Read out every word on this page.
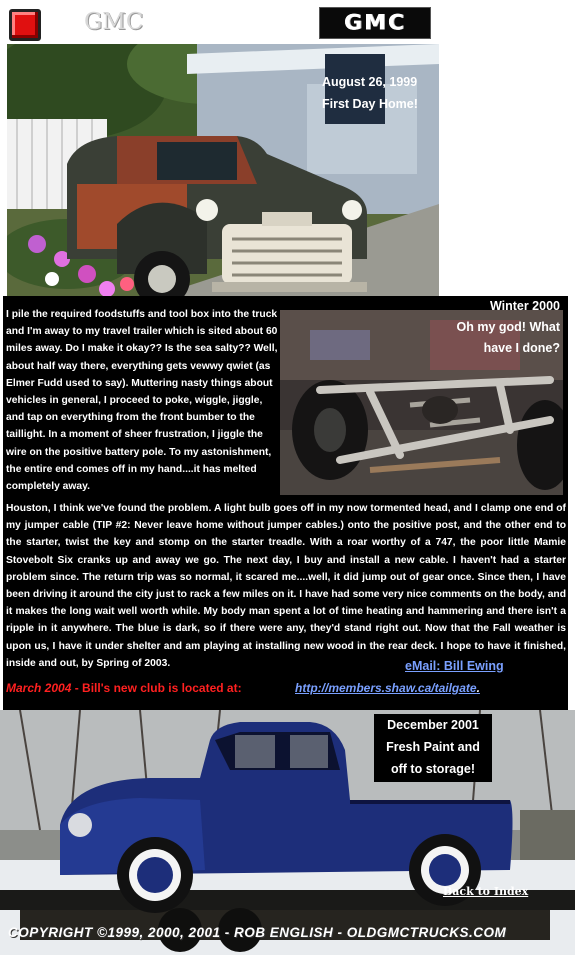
GMC	GMC
August 26, 1999
First Day Home!
I pile the required foodstuffs and tool box into the truck and I'm away to my travel trailer which is sited about 60 miles away. Do I make it okay?? Is the sea salty?? Well, about half way there, everything gets vewwy qwiet (as Elmer Fudd used to say). Muttering nasty things about vehicles in general, I proceed to poke, wiggle, jiggle, and tap on everything from the front bumber to the taillight. In a moment of sheer frustration, I jiggle the wire on the positive battery pole. To my astonishment, the entire end comes off in my hand....it has melted completely away.
Winter 2000
Oh my god! What
have I done?
Houston, I think we've found the problem. A light bulb goes off in my now tormented head, and I clamp one end of my jumper cable (TIP #2: Never leave home without jumper cables.) onto the positive post, and the other end to the starter, twist the key and stomp on the starter treadle. With a roar worthy of a 747, the poor little Mamie Stovebolt Six cranks up and away we go. The next day, I buy and install a new cable. I haven't had a starter problem since. The return trip was so normal, it scared me....well, it did jump out of gear once. Since then, I have been driving it around the city just to rack a few miles on it. I have had some very nice comments on the body, and it makes the long wait well worth while. My body man spent a lot of time heating and hammering and there isn't a ripple in it anywhere. The blue is dark, so if there were any, they'd stand right out. Now that the Fall weather is upon us, I have it under shelter and am playing at installing new wood in the rear deck. I hope to have it finished, inside and out, by Spring of 2003.	eMail: Bill Ewing
March 2004 - Bill's new club is located at:	http://members.shaw.ca/tailgate.
December 2001
Fresh Paint and
off to storage!
Back to Index
COPYRIGHT ©1999, 2000, 2001 - ROB ENGLISH - OLDGMCTRUCKS.COM
